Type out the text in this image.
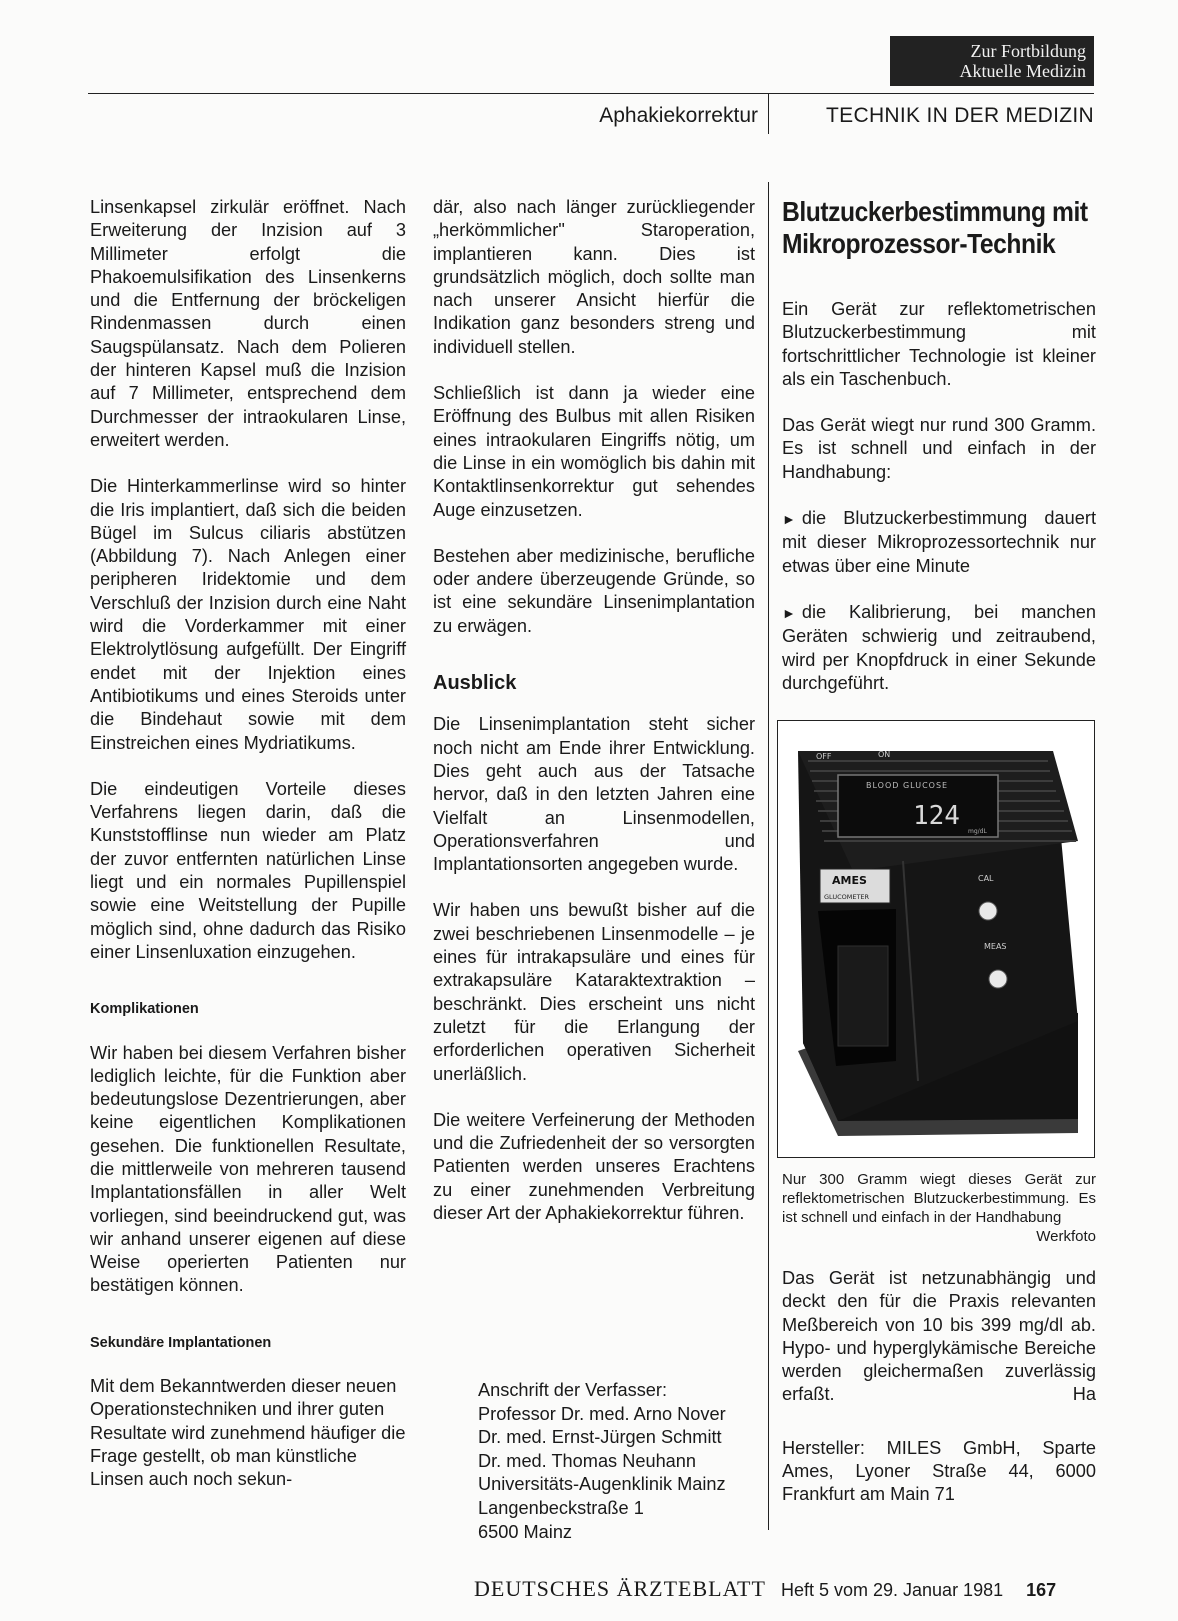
Zur Fortbildung
Aktuelle Medizin
Aphakiekorrektur	TECHNIK IN DER MEDIZIN

Linsenkapsel zirkulär eröffnet. Nach Erweiterung der Inzision auf 3 Millimeter erfolgt die Phakoemulsifikation des Linsenkerns und die Entfernung der bröckeligen Rindenmassen durch einen Saugspülansatz. Nach dem Polieren der hinteren Kapsel muß die Inzision auf 7 Millimeter, entsprechend dem Durchmesser der intraokularen Linse, erweitert werden.

Die Hinterkammerlinse wird so hinter die Iris implantiert, daß sich die beiden Bügel im Sulcus ciliaris abstützen (Abbildung 7). Nach Anlegen einer peripheren Iridektomie und dem Verschluß der Inzision durch eine Naht wird die Vorderkammer mit einer Elektrolytlösung aufgefüllt. Der Eingriff endet mit der Injektion eines Antibiotikums und eines Steroids unter die Bindehaut sowie mit dem Einstreichen eines Mydriatikums.

Die eindeutigen Vorteile dieses Verfahrens liegen darin, daß die Kunststofflinse nun wieder am Platz der zuvor entfernten natürlichen Linse liegt und ein normales Pupillenspiel sowie eine Weitstellung der Pupille möglich sind, ohne dadurch das Risiko einer Linsenluxation einzugehen.

Komplikationen

Wir haben bei diesem Verfahren bisher lediglich leichte, für die Funktion aber bedeutungslose Dezentrierungen, aber keine eigentlichen Komplikationen gesehen. Die funktionellen Resultate, die mittlerweile von mehreren tausend Implantationsfällen in aller Welt vorliegen, sind beeindruckend gut, was wir anhand unserer eigenen auf diese Weise operierten Patienten nur bestätigen können.

Sekundäre Implantationen

Mit dem Bekanntwerden dieser neuen Operationstechniken und ihrer guten Resultate wird zunehmend häufiger die Frage gestellt, ob man künstliche Linsen auch noch sekun-

där, also nach länger zurückliegender „herkömmlicher" Staroperation, implantieren kann. Dies ist grundsätzlich möglich, doch sollte man nach unserer Ansicht hierfür die Indikation ganz besonders streng und individuell stellen.

Schließlich ist dann ja wieder eine Eröffnung des Bulbus mit allen Risiken eines intraokularen Eingriffs nötig, um die Linse in ein womöglich bis dahin mit Kontaktlinsenkorrektur gut sehendes Auge einzusetzen.

Bestehen aber medizinische, berufliche oder andere überzeugende Gründe, so ist eine sekundäre Linsenimplantation zu erwägen.

Ausblick

Die Linsenimplantation steht sicher noch nicht am Ende ihrer Entwicklung. Dies geht auch aus der Tatsache hervor, daß in den letzten Jahren eine Vielfalt an Linsenmodellen, Operationsverfahren und Implantationsorten angegeben wurde.

Wir haben uns bewußt bisher auf die zwei beschriebenen Linsenmodelle – je eines für intrakapsuläre und eines für extrakapsuläre Kataraktextraktion – beschränkt. Dies erscheint uns nicht zuletzt für die Erlangung der erforderlichen operativen Sicherheit unerläßlich.

Die weitere Verfeinerung der Methoden und die Zufriedenheit der so versorgten Patienten werden unseres Erachtens zu einer zunehmenden Verbreitung dieser Art der Aphakiekorrektur führen.

Anschrift der Verfasser:
Professor Dr. med. Arno Nover
Dr. med. Ernst-Jürgen Schmitt
Dr. med. Thomas Neuhann
Universitäts-Augenklinik Mainz
Langenbeckstraße 1
6500 Mainz
Blutzuckerbestimmung mit Mikroprozessor-Technik

Ein Gerät zur reflektometrischen Blutzuckerbestimmung mit fortschrittlicher Technologie ist kleiner als ein Taschenbuch.

Das Gerät wiegt nur rund 300 Gramm. Es ist schnell und einfach in der Handhabung:

► die Blutzuckerbestimmung dauert mit dieser Mikroprozessortechnik nur etwas über eine Minute

► die Kalibrierung, bei manchen Geräten schwierig und zeitraubend, wird per Knopfdruck in einer Sekunde durchgeführt.

OFF	ON
BLOOD GLUCOSE
124
mg/dL
AMES
GLUCOMETER
CAL
MEAS
Nur 300 Gramm wiegt dieses Gerät zur reflektometrischen Blutzuckerbestimmung. Es ist schnell und einfach in der Handhabung
Werkfoto

Das Gerät ist netzunabhängig und deckt den für die Praxis relevanten Meßbereich von 10 bis 399 mg/dl ab. Hypo- und hyperglykämische Bereiche werden gleichermaßen zuverlässig erfaßt.	Ha

Hersteller: MILES GmbH, Sparte Ames, Lyoner Straße 44, 6000 Frankfurt am Main 71

DEUTSCHES ÄRZTEBLATT Heft 5 vom 29. Januar 1981 167
